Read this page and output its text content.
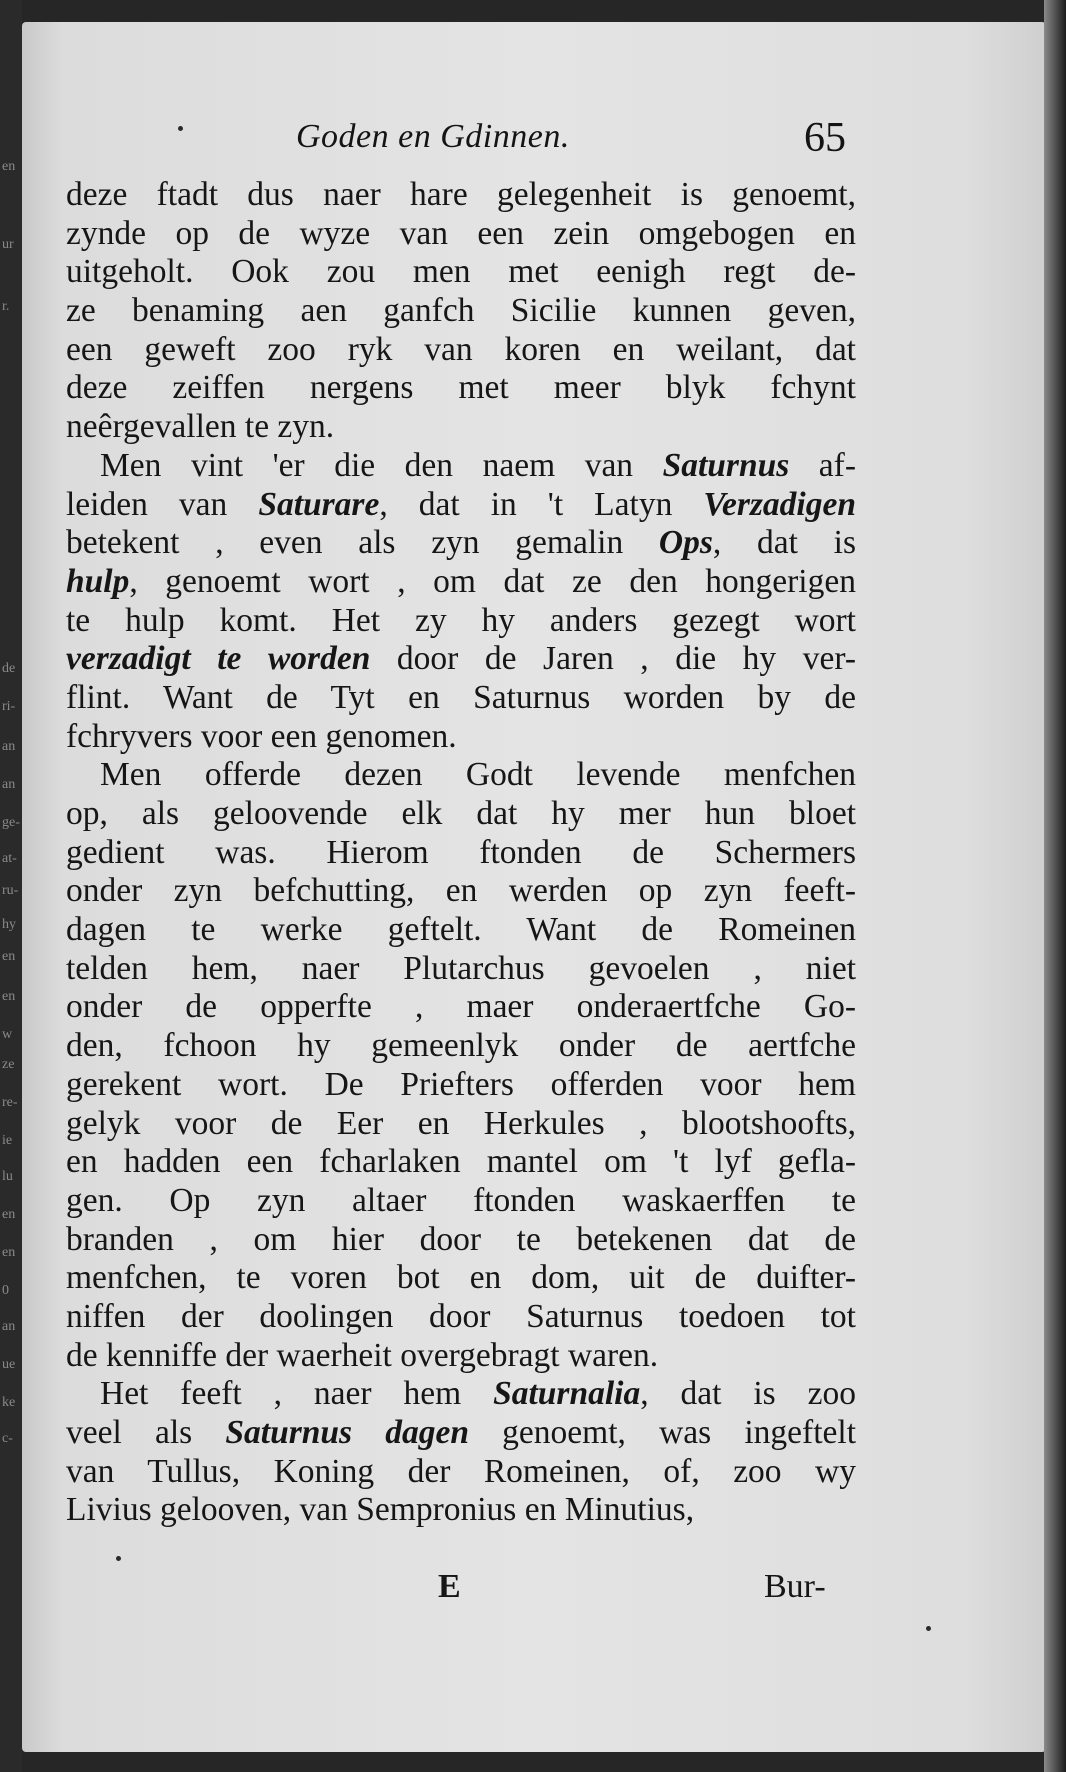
en
ur
r.
de
ri-
an
an
ge-
at-
ru-
hy
en
en
w
ze
re-
ie
lu
en
en
0
an
ue
ke
c-
Goden en Gdinnen.	65
deze ftadt dus naer hare gelegenheit is genoemt,
zynde op de wyze van een zein omgebogen en
uitgeholt. Ook zou men met eenigh regt de-
ze benaming aen ganfch Sicilie kunnen geven,
een geweft zoo ryk van koren en weilant, dat
deze zeiffen nergens met meer blyk fchynt
neêrgevallen te zyn.
Men vint 'er die den naem van Saturnus af-
leiden van Saturare, dat in 't Latyn Verzadigen
betekent , even als zyn gemalin Ops, dat is
hulp, genoemt wort , om dat ze den hongerigen
te hulp komt. Het zy hy anders gezegt wort
verzadigt te worden door de Jaren , die hy ver-
flint. Want de Tyt en Saturnus worden by de
fchryvers voor een genomen.
Men offerde dezen Godt levende menfchen
op, als geloovende elk dat hy mer hun bloet
gedient was. Hierom ftonden de Schermers
onder zyn befchutting, en werden op zyn feeft-
dagen te werke geftelt. Want de Romeinen
telden hem, naer Plutarchus gevoelen , niet
onder de opperfte , maer onderaertfche Go-
den, fchoon hy gemeenlyk onder de aertfche
gerekent wort. De Priefters offerden voor hem
gelyk voor de Eer en Herkules , blootshoofts,
en hadden een fcharlaken mantel om 't lyf gefla-
gen. Op zyn altaer ftonden waskaerffen te
branden , om hier door te betekenen dat de
menfchen, te voren bot en dom, uit de duifter-
niffen der doolingen door Saturnus toedoen tot
de kenniffe der waerheit overgebragt waren.
Het feeft , naer hem Saturnalia, dat is zoo
veel als Saturnus dagen genoemt, was ingeftelt
van Tullus, Koning der Romeinen, of, zoo wy
Livius gelooven, van Sempronius en Minutius,
E	Bur-
